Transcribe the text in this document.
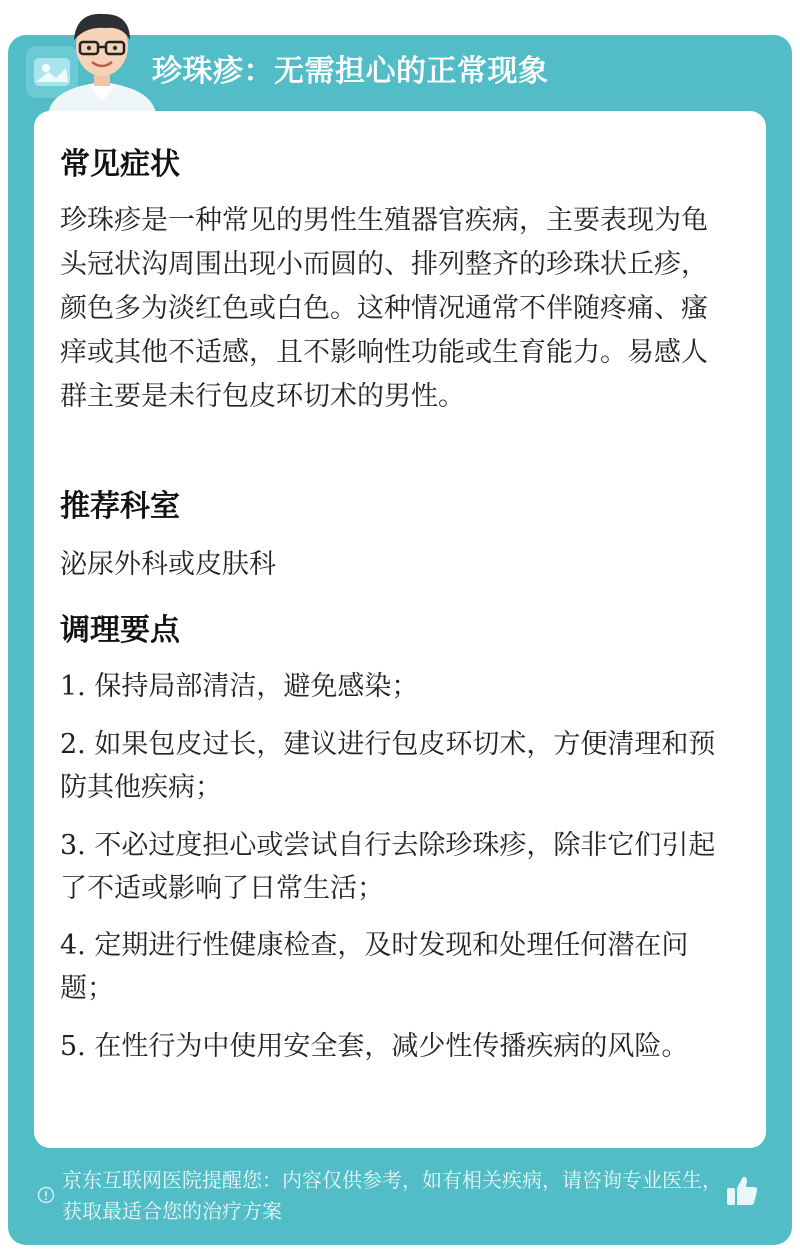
珍珠疹：无需担心的正常现象
常见症状
珍珠疹是一种常见的男性生殖器官疾病，主要表现为龟头冠状沟周围出现小而圆的、排列整齐的珍珠状丘疹，颜色多为淡红色或白色。这种情况通常不伴随疼痛、瘙痒或其他不适感，且不影响性功能或生育能力。易感人群主要是未行包皮环切术的男性。
推荐科室
泌尿外科或皮肤科
调理要点
1. 保持局部清洁，避免感染；
2. 如果包皮过长，建议进行包皮环切术，方便清理和预防其他疾病；
3. 不必过度担心或尝试自行去除珍珠疹，除非它们引起了不适或影响了日常生活；
4. 定期进行性健康检查，及时发现和处理任何潜在问题；
5. 在性行为中使用安全套，减少性传播疾病的风险。
京东互联网医院提醒您：内容仅供参考，如有相关疾病，请咨询专业医生，获取最适合您的治疗方案
